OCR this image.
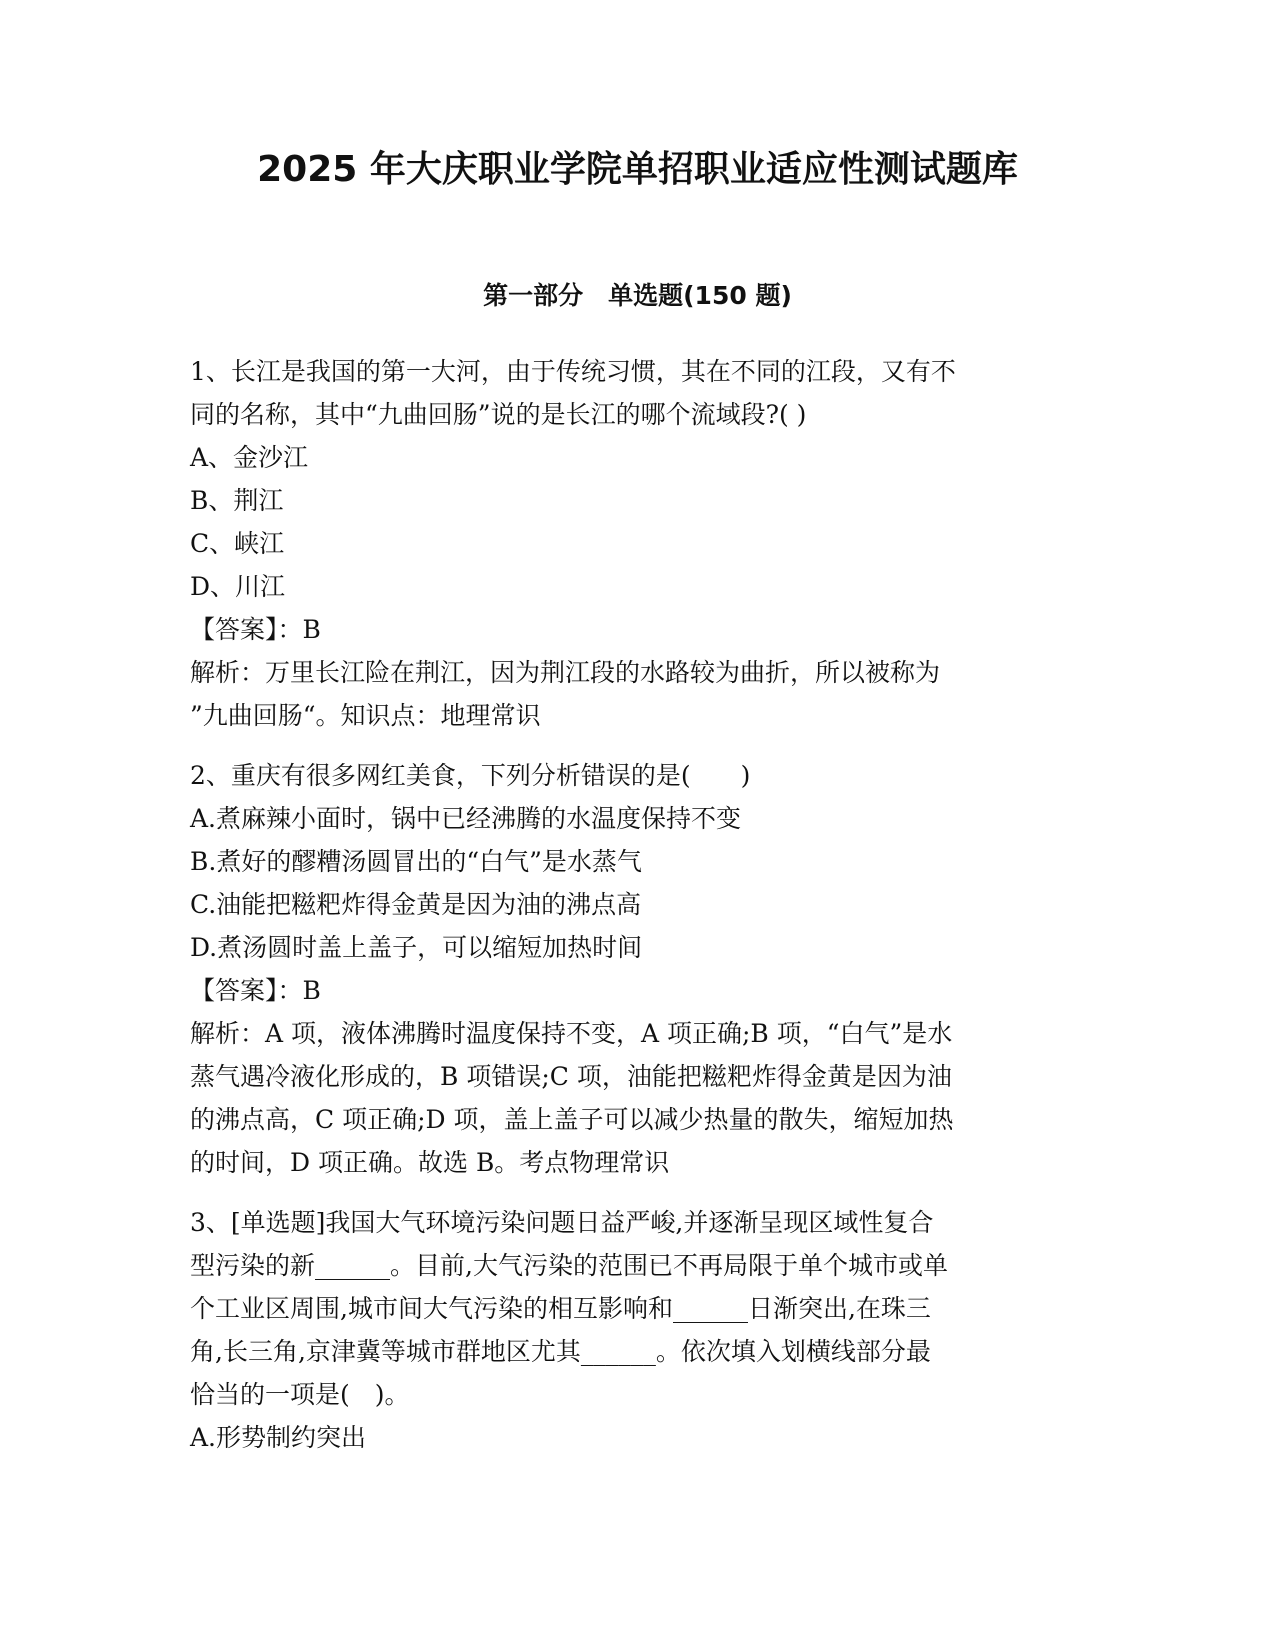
2025 年大庆职业学院单招职业适应性测试题库
第一部分　单选题(150 题)

1、长江是我国的第一大河，由于传统习惯，其在不同的江段，又有不

同的名称，其中“九曲回肠”说的是长江的哪个流域段?( )

A、金沙江

B、荆江

C、峡江

D、川江

【答案】：B

解析：万里长江险在荆江，因为荆江段的水路较为曲折，所以被称为

”九曲回肠“。知识点：地理常识

2、重庆有很多网红美食，下列分析错误的是(　　)

A.煮麻辣小面时，锅中已经沸腾的水温度保持不变

B.煮好的醪糟汤圆冒出的“白气”是水蒸气

C.油能把糍粑炸得金黄是因为油的沸点高

D.煮汤圆时盖上盖子，可以缩短加热时间

【答案】：B

解析：A 项，液体沸腾时温度保持不变，A 项正确;B 项，“白气”是水

蒸气遇冷液化形成的，B 项错误;C 项，油能把糍粑炸得金黄是因为油

的沸点高，C 项正确;D 项，盖上盖子可以减少热量的散失，缩短加热

的时间，D 项正确。故选 B。考点物理常识

3、[单选题]我国大气环境污染问题日益严峻,并逐渐呈现区域性复合

型污染的新______。目前,大气污染的范围已不再局限于单个城市或单

个工业区周围,城市间大气污染的相互影响和______日渐突出,在珠三

角,长三角,京津冀等城市群地区尤其______。依次填入划横线部分最

恰当的一项是(　)。

A.形势制约突出
